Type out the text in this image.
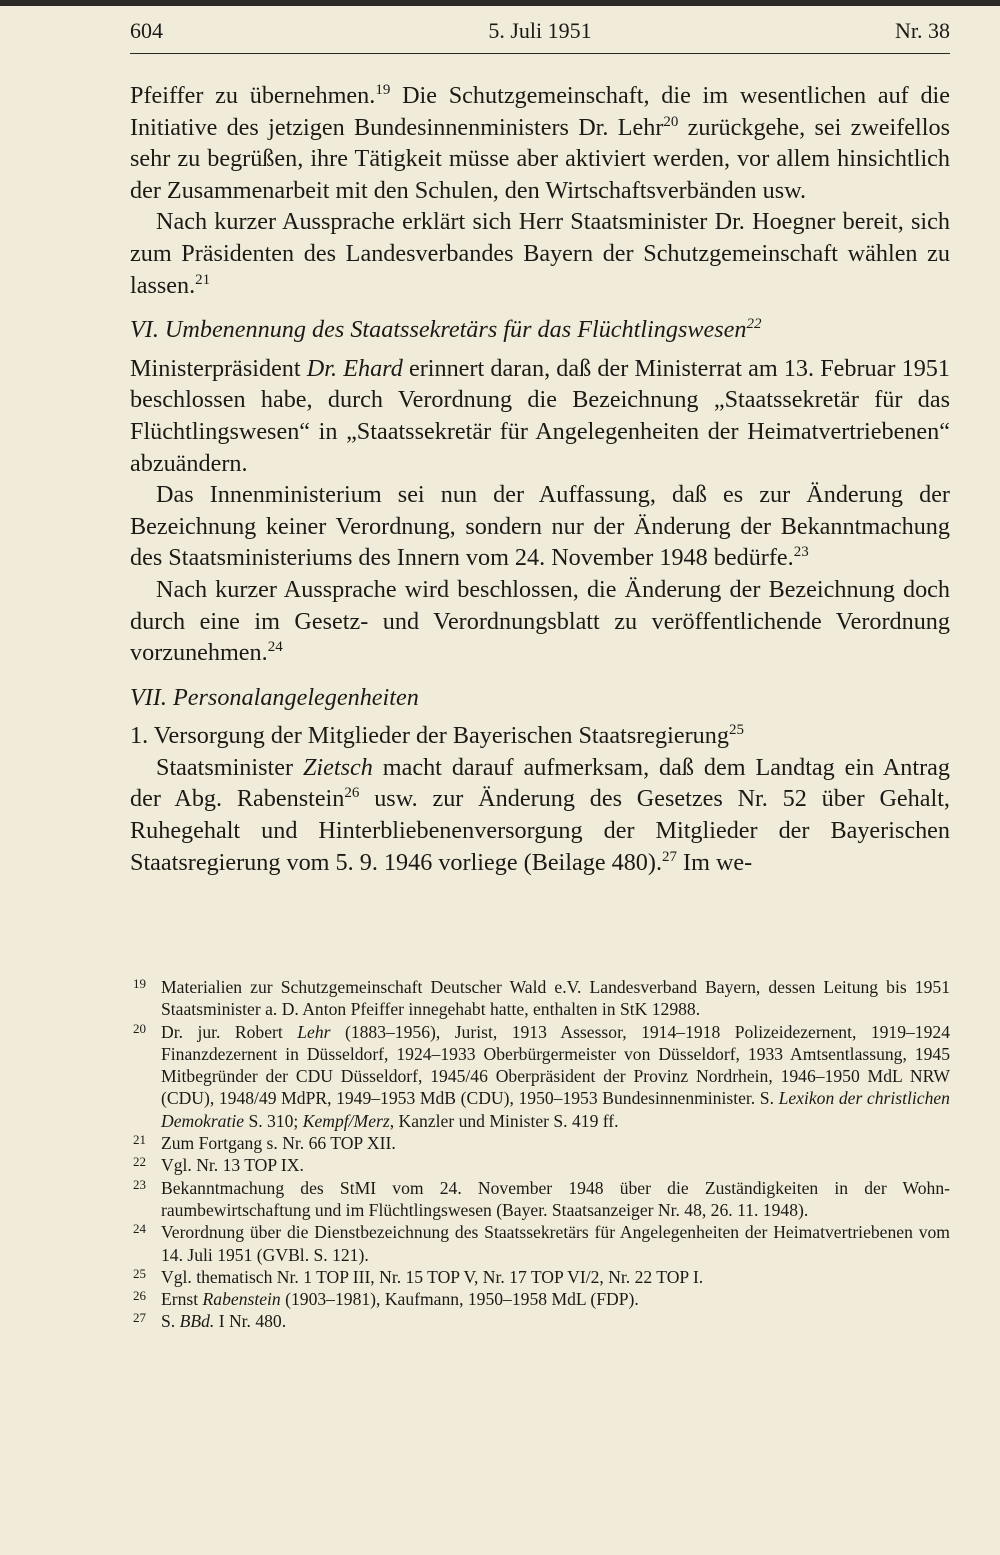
5. Juli 1951
604	Nr. 38

Pfeiffer zu übernehmen.$^{19}$ Die Schutzgemeinschaft, die im wesentlichen auf die Initiative des jetzigen Bundesinnenministers Dr. Lehr$^{20}$ zurückgehe, sei zweifellos sehr zu begrüßen, ihre Tätigkeit müsse aber aktiviert werden, vor allem hinsichtlich der Zusammenarbeit mit den Schulen, den Wirtschaftsverbänden usw.

Nach kurzer Aussprache erklärt sich Herr Staatsminister Dr. Hoegner bereit, sich zum Präsidenten des Landesverbandes Bayern der Schutzgemeinschaft wählen zu lassen.$^{21}$

VI. Umbenennung des Staatssekretärs für das Flüchtlingswesen$^{22}$

Ministerpräsident Dr. Ehard erinnert daran, daß der Ministerrat am 13. Februar 1951 beschlossen habe, durch Verordnung die Bezeichnung „Staatssekretär für das Flüchtlingswesen“ in „Staatssekretär für Angelegenheiten der Heimatvertriebenen“ abzuändern.

Das Innenministerium sei nun der Auffassung, daß es zur Änderung der Bezeichnung keiner Verordnung, sondern nur der Änderung der Bekanntmachung des Staatsministeriums des Innern vom 24. November 1948 bedürfe.$^{23}$

Nach kurzer Aussprache wird beschlossen, die Änderung der Bezeichnung doch durch eine im Gesetz- und Verordnungsblatt zu veröffentlichende Verordnung vorzunehmen.$^{24}$

VII. Personalangelegenheiten

1. Versorgung der Mitglieder der Bayerischen Staatsregierung$^{25}$

Staatsminister Zietsch macht darauf aufmerksam, daß dem Landtag ein Antrag der Abg. Rabenstein$^{26}$ usw. zur Änderung des Gesetzes Nr. 52 über Gehalt, Ruhegehalt und Hinterbliebenenversorgung der Mitglieder der Bayerischen Staatsregierung vom 5. 9. 1946 vorliege (Beilage 480).$^{27}$ Im we-

19 Materialien zur Schutzgemeinschaft Deutscher Wald e.V. Landesverband Bayern, dessen Leitung bis 1951 Staatsminister a. D. Anton Pfeiffer innegehabt hatte, enthalten in StK 12988.
20 Dr. jur. Robert Lehr (1883–1956), Jurist, 1913 Assessor, 1914–1918 Polizeidezernent, 1919–1924 Finanzdezernent in Düsseldorf, 1924–1933 Oberbürgermeister von Düsseldorf, 1933 Amtsentlassung, 1945 Mitbegründer der CDU Düsseldorf, 1945/46 Oberpräsident der Provinz Nordrhein, 1946–1950 MdL NRW (CDU), 1948/49 MdPR, 1949–1953 MdB (CDU), 1950–1953 Bundesinnenminister. S. Lexikon der christlichen Demokratie S. 310; Kempf/Merz, Kanzler und Minister S. 419 ff.
21 Zum Fortgang s. Nr. 66 TOP XII.
22 Vgl. Nr. 13 TOP IX.
23 Bekanntmachung des StMI vom 24. November 1948 über die Zuständigkeiten in der Wohnraumbewirtschaftung und im Flüchtlingswesen (Bayer. Staatsanzeiger Nr. 48, 26. 11. 1948).
24 Verordnung über die Dienstbezeichnung des Staatssekretärs für Angelegenheiten der Heimatvertriebenen vom 14. Juli 1951 (GVBl. S. 121).
25 Vgl. thematisch Nr. 1 TOP III, Nr. 15 TOP V, Nr. 17 TOP VI/2, Nr. 22 TOP I.
26 Ernst Rabenstein (1903–1981), Kaufmann, 1950–1958 MdL (FDP).
27 S. BBd. I Nr. 480.
